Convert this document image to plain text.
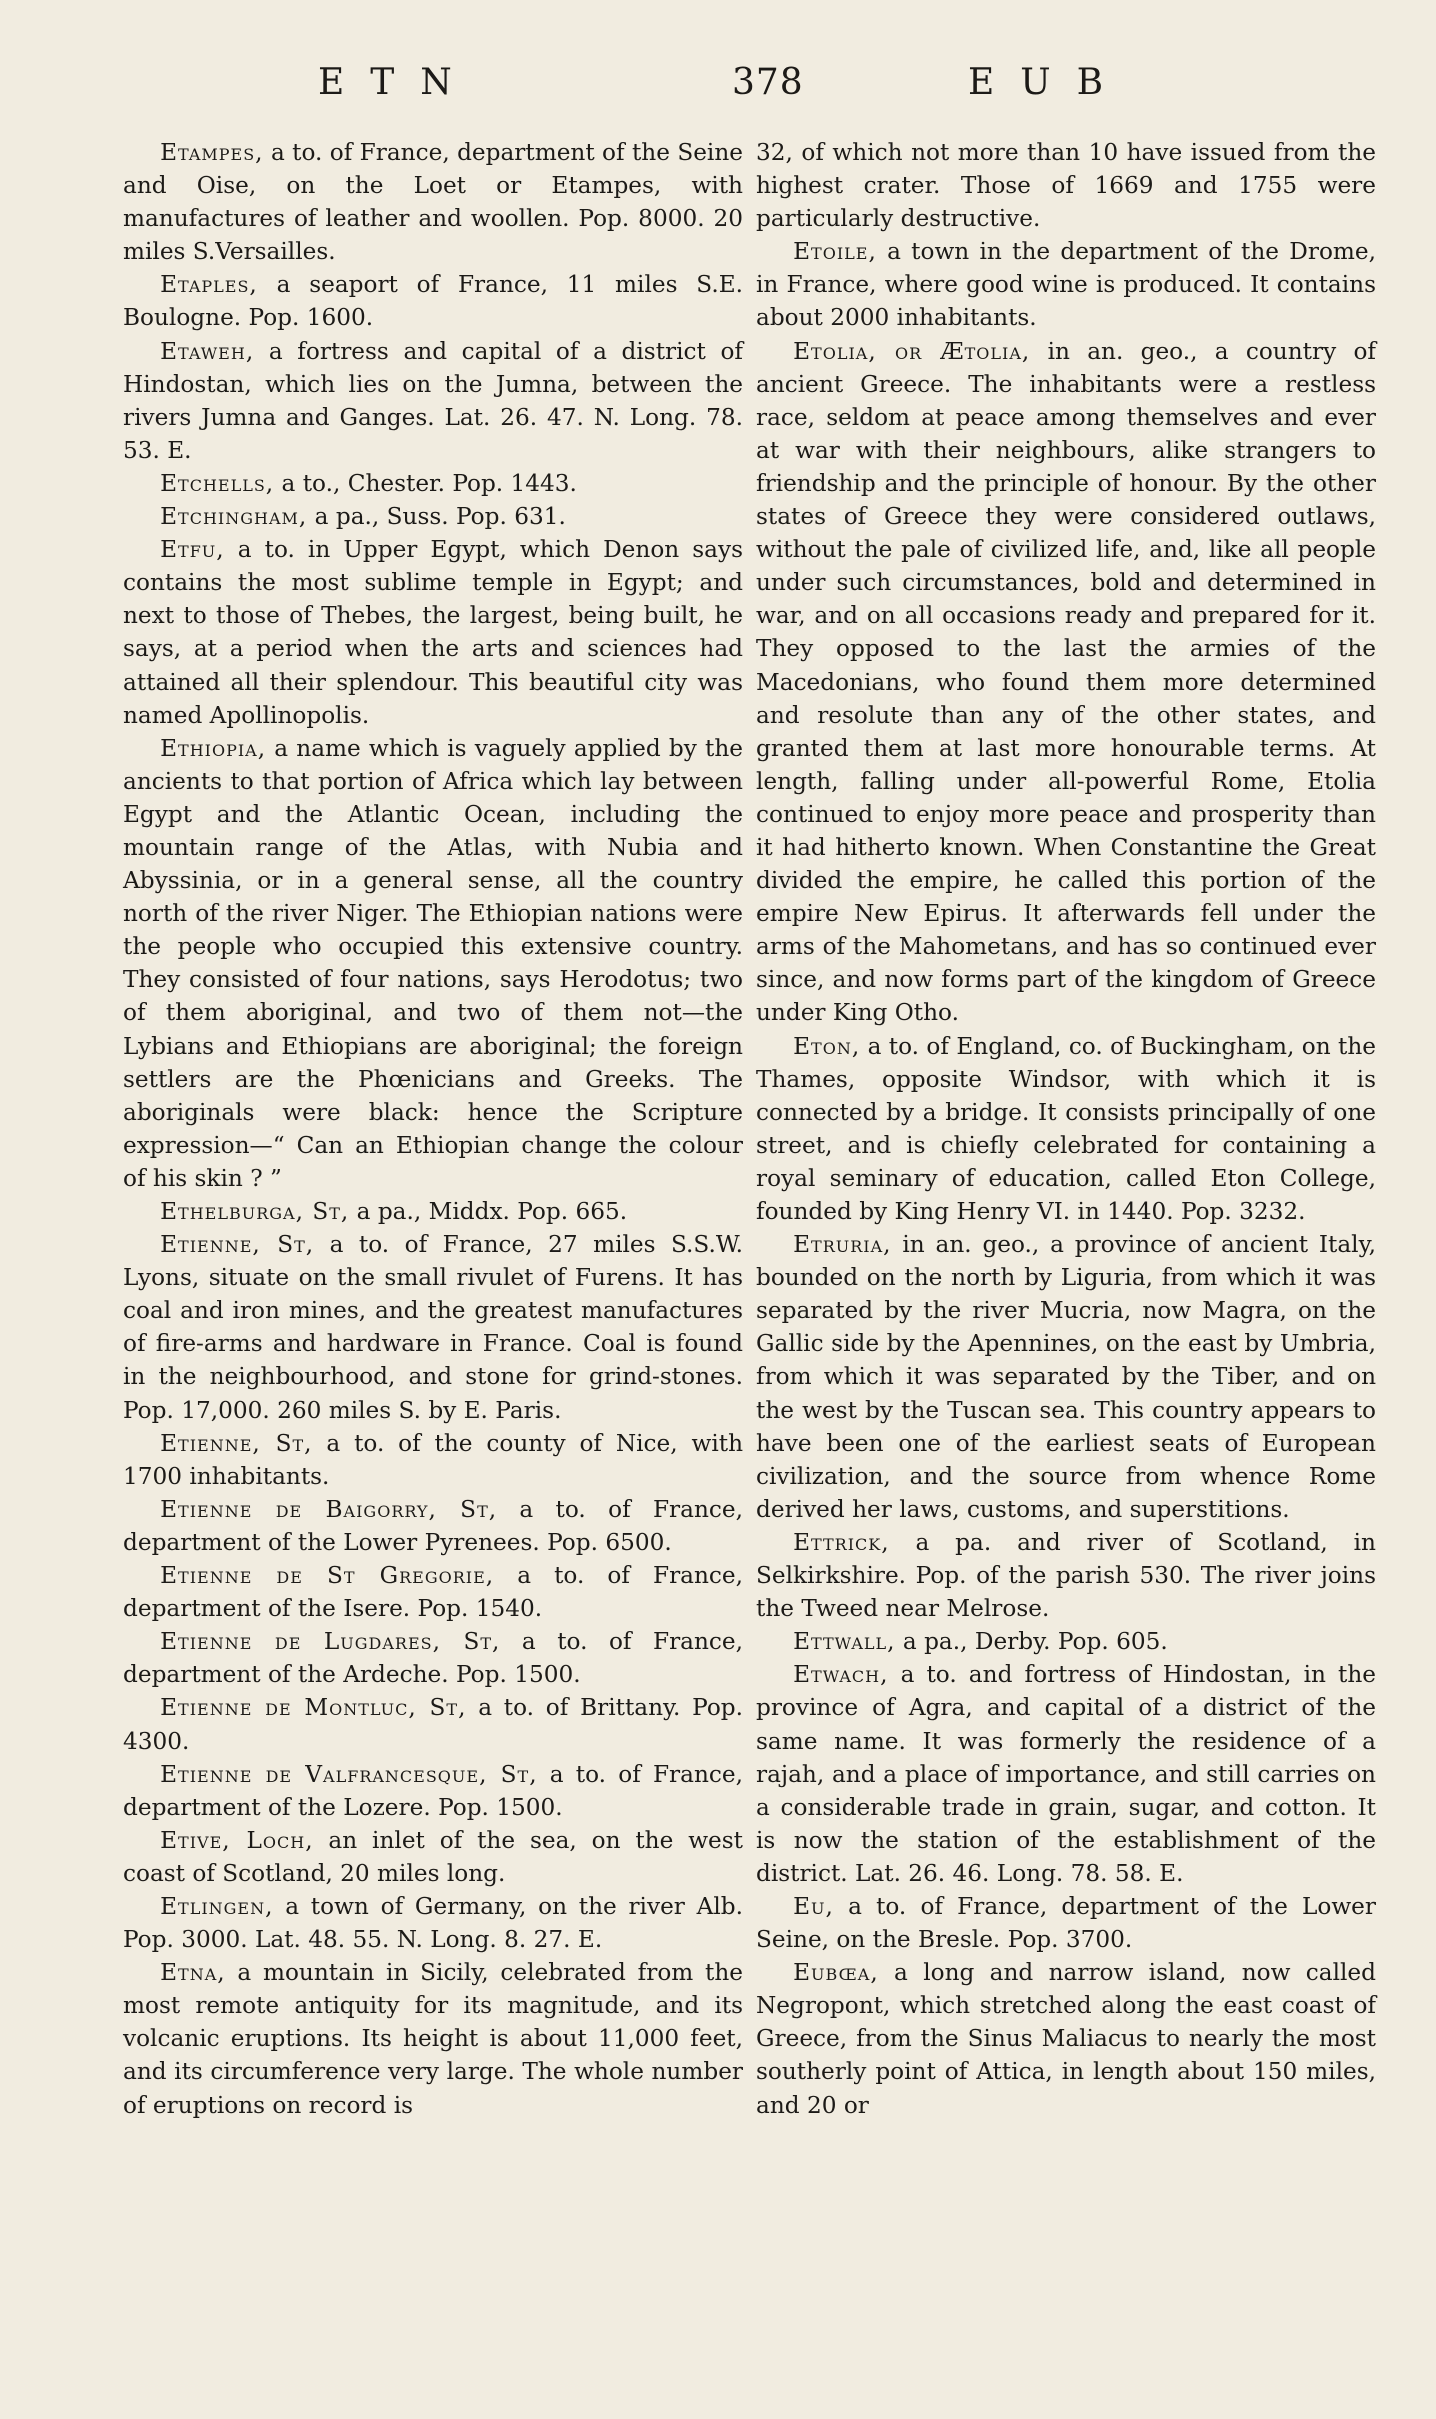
ETN	378	EUB

Etampes, a to. of France, department of the Seine and Oise, on the Loet or Etampes, with manufactures of leather and woollen. Pop. 8000. 20 miles S.Versailles.

Etaples, a seaport of France, 11 miles S.E. Boulogne. Pop. 1600.

Etaweh, a fortress and capital of a district of Hindostan, which lies on the Jumna, between the rivers Jumna and Ganges. Lat. 26. 47. N. Long. 78. 53. E.

Etchells, a to., Chester. Pop. 1443.

Etchingham, a pa., Suss. Pop. 631.

Etfu, a to. in Upper Egypt, which Denon says contains the most sublime temple in Egypt; and next to those of Thebes, the largest, being built, he says, at a period when the arts and sciences had attained all their splendour. This beautiful city was named Apollinopolis.

Ethiopia, a name which is vaguely applied by the ancients to that portion of Africa which lay between Egypt and the Atlantic Ocean, including the mountain range of the Atlas, with Nubia and Abyssinia, or in a general sense, all the country north of the river Niger. The Ethiopian nations were the people who occupied this extensive country. They consisted of four nations, says Herodotus; two of them aboriginal, and two of them not—the Lybians and Ethiopians are aboriginal; the foreign settlers are the Phœnicians and Greeks. The aboriginals were black: hence the Scripture expression—“ Can an Ethiopian change the colour of his skin ? ”

Ethelburga, St, a pa., Middx. Pop. 665.

Etienne, St, a to. of France, 27 miles S.S.W. Lyons, situate on the small rivulet of Furens. It has coal and iron mines, and the greatest manufactures of fire-arms and hardware in France. Coal is found in the neighbourhood, and stone for grind-stones. Pop. 17,000. 260 miles S. by E. Paris.

Etienne, St, a to. of the county of Nice, with 1700 inhabitants.

Etienne de Baigorry, St, a to. of France, department of the Lower Pyrenees. Pop. 6500.

Etienne de St Gregorie, a to. of France, department of the Isere. Pop. 1540.

Etienne de Lugdares, St, a to. of France, department of the Ardeche. Pop. 1500.

Etienne de Montluc, St, a to. of Brittany. Pop. 4300.

Etienne de Valfrancesque, St, a to. of France, department of the Lozere. Pop. 1500.

Etive, Loch, an inlet of the sea, on the west coast of Scotland, 20 miles long.

Etlingen, a town of Germany, on the river Alb. Pop. 3000. Lat. 48. 55. N. Long. 8. 27. E.

Etna, a mountain in Sicily, celebrated from the most remote antiquity for its magnitude, and its volcanic eruptions. Its height is about 11,000 feet, and its circumference very large. The whole number of eruptions on record is

32, of which not more than 10 have issued from the highest crater. Those of 1669 and 1755 were particularly destructive.

Etoile, a town in the department of the Drome, in France, where good wine is produced. It contains about 2000 inhabitants.

Etolia, or Ætolia, in an. geo., a country of ancient Greece. The inhabitants were a restless race, seldom at peace among themselves and ever at war with their neighbours, alike strangers to friendship and the principle of honour. By the other states of Greece they were considered outlaws, without the pale of civilized life, and, like all people under such circumstances, bold and determined in war, and on all occasions ready and prepared for it. They opposed to the last the armies of the Macedonians, who found them more determined and resolute than any of the other states, and granted them at last more honourable terms. At length, falling under all-powerful Rome, Etolia continued to enjoy more peace and prosperity than it had hitherto known. When Constantine the Great divided the empire, he called this portion of the empire New Epirus. It afterwards fell under the arms of the Mahometans, and has so continued ever since, and now forms part of the kingdom of Greece under King Otho.

Eton, a to. of England, co. of Buckingham, on the Thames, opposite Windsor, with which it is connected by a bridge. It consists principally of one street, and is chiefly celebrated for containing a royal seminary of education, called Eton College, founded by King Henry VI. in 1440. Pop. 3232.

Etruria, in an. geo., a province of ancient Italy, bounded on the north by Liguria, from which it was separated by the river Mucria, now Magra, on the Gallic side by the Apennines, on the east by Umbria, from which it was separated by the Tiber, and on the west by the Tuscan sea. This country appears to have been one of the earliest seats of European civilization, and the source from whence Rome derived her laws, customs, and superstitions.

Ettrick, a pa. and river of Scotland, in Selkirkshire. Pop. of the parish 530. The river joins the Tweed near Melrose.

Ettwall, a pa., Derby. Pop. 605.

Etwach, a to. and fortress of Hindostan, in the province of Agra, and capital of a district of the same name. It was formerly the residence of a rajah, and a place of importance, and still carries on a considerable trade in grain, sugar, and cotton. It is now the station of the establishment of the district. Lat. 26. 46. Long. 78. 58. E.

Eu, a to. of France, department of the Lower Seine, on the Bresle. Pop. 3700.

Eubœa, a long and narrow island, now called Negropont, which stretched along the east coast of Greece, from the Sinus Maliacus to nearly the most southerly point of Attica, in length about 150 miles, and 20 or
